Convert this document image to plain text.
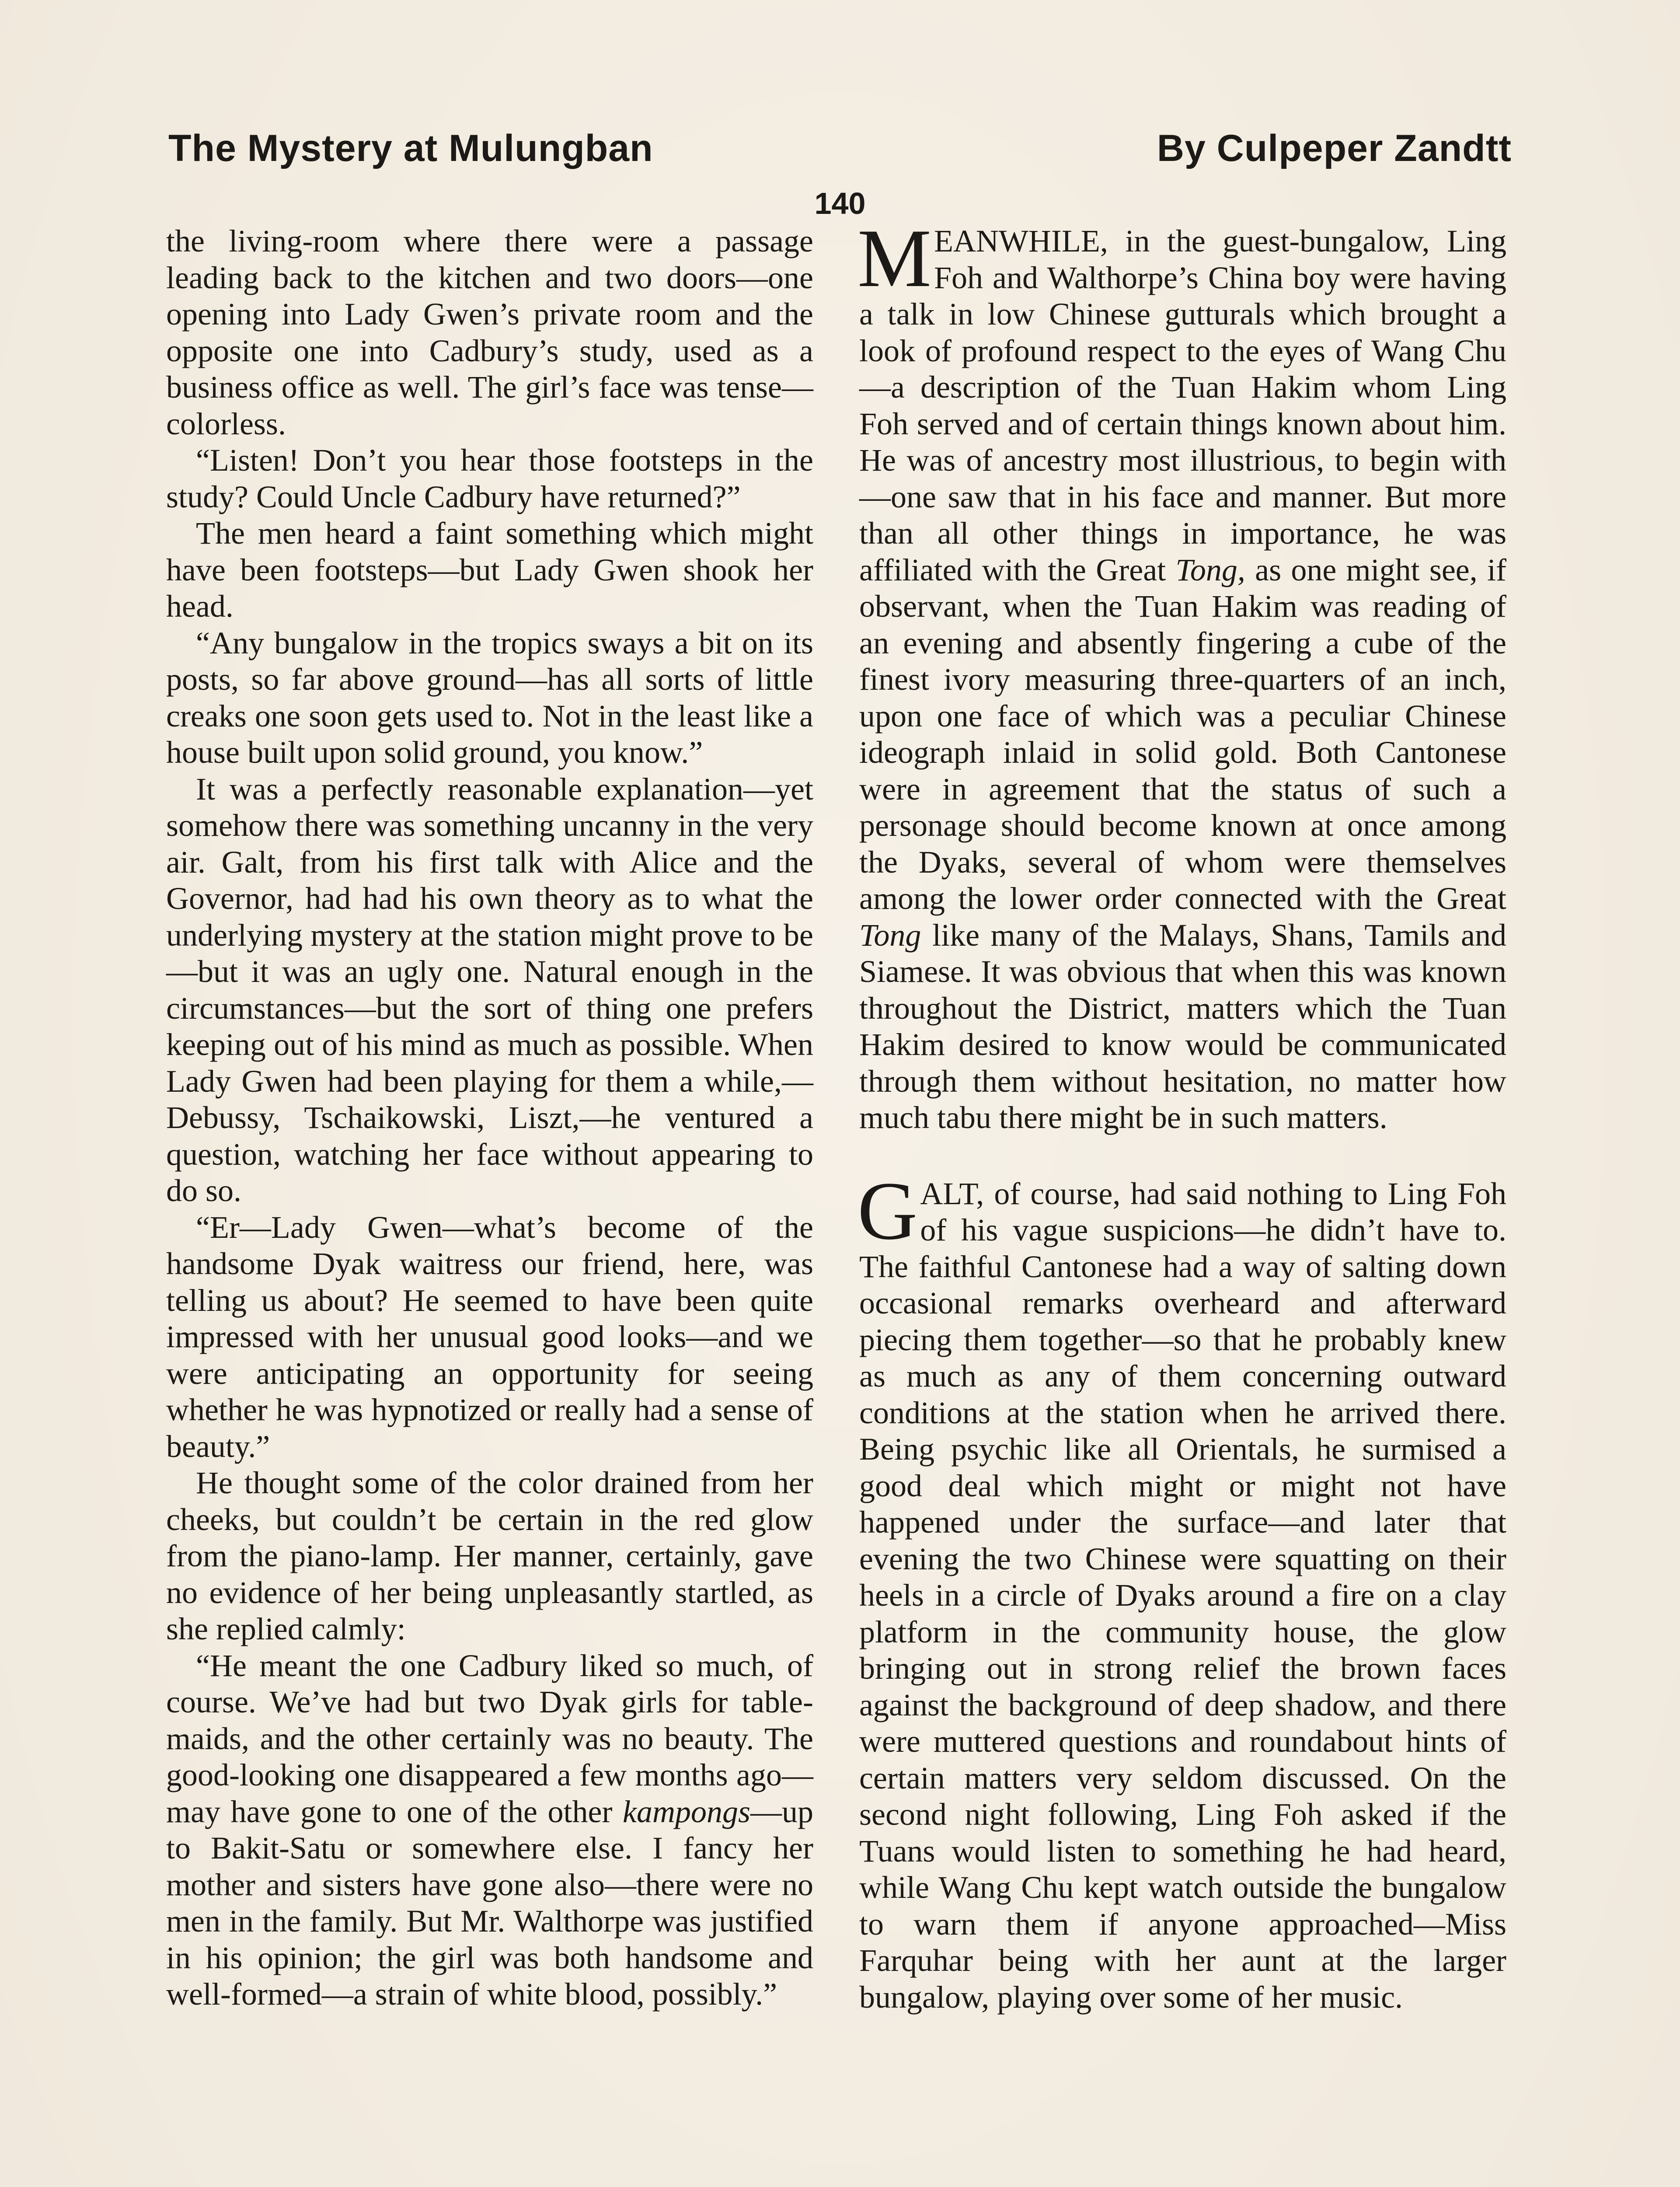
The Mystery at Mulungban	By Culpeper Zandtt
140

the living-room where there were a passage leading back to the kitchen and two doors—one opening into Lady Gwen’s private room and the opposite one into Cadbury’s study, used as a business office as well. The girl’s face was tense—colorless.

“Listen! Don’t you hear those footsteps in the study? Could Uncle Cadbury have returned?”

The men heard a faint something which might have been footsteps—but Lady Gwen shook her head.

“Any bungalow in the tropics sways a bit on its posts, so far above ground—has all sorts of little creaks one soon gets used to. Not in the least like a house built upon solid ground, you know.”

It was a perfectly reasonable explanation—yet somehow there was something uncanny in the very air. Galt, from his first talk with Alice and the Governor, had had his own theory as to what the underlying mystery at the station might prove to be—but it was an ugly one. Natural enough in the circumstances—but the sort of thing one prefers keeping out of his mind as much as possible. When Lady Gwen had been playing for them a while,—Debussy, Tschaikowski, Liszt,—he ventured a question, watching her face without appearing to do so.

“Er—Lady Gwen—what’s become of the handsome Dyak waitress our friend, here, was telling us about? He seemed to have been quite impressed with her unusual good looks—and we were anticipating an opportunity for seeing whether he was hypnotized or really had a sense of beauty.”

He thought some of the color drained from her cheeks, but couldn’t be certain in the red glow from the piano-lamp. Her manner, certainly, gave no evidence of her being unpleasantly startled, as she replied calmly:

“He meant the one Cadbury liked so much, of course. We’ve had but two Dyak girls for table-maids, and the other certainly was no beauty. The good-looking one disappeared a few months ago—may have gone to one of the other kampongs—up to Bakit-Satu or somewhere else. I fancy her mother and sisters have gone also—there were no men in the family. But Mr. Walthorpe was justified in his opinion; the girl was both handsome and well-formed—a strain of white blood, possibly.”

MEANWHILE, in the guest-bungalow, Ling Foh and Walthorpe’s China boy were having a talk in low Chinese gutturals which brought a look of profound respect to the eyes of Wang Chu—a description of the Tuan Hakim whom Ling Foh served and of certain things known about him. He was of ancestry most illustrious, to begin with—one saw that in his face and manner. But more than all other things in importance, he was affiliated with the Great Tong, as one might see, if observant, when the Tuan Hakim was reading of an evening and absently fingering a cube of the finest ivory measuring three-quarters of an inch, upon one face of which was a peculiar Chinese ideograph inlaid in solid gold. Both Cantonese were in agreement that the status of such a personage should become known at once among the Dyaks, several of whom were themselves among the lower order connected with the Great Tong like many of the Malays, Shans, Tamils and Siamese. It was obvious that when this was known throughout the District, matters which the Tuan Hakim desired to know would be communicated through them without hesitation, no matter how much tabu there might be in such matters.

GALT, of course, had said nothing to Ling Foh of his vague suspicions—he didn’t have to. The faithful Cantonese had a way of salting down occasional remarks overheard and afterward piecing them together—so that he probably knew as much as any of them concerning outward conditions at the station when he arrived there. Being psychic like all Orientals, he surmised a good deal which might or might not have happened under the surface—and later that evening the two Chinese were squatting on their heels in a circle of Dyaks around a fire on a clay platform in the community house, the glow bringing out in strong relief the brown faces against the background of deep shadow, and there were muttered questions and roundabout hints of certain matters very seldom discussed. On the second night following, Ling Foh asked if the Tuans would listen to something he had heard, while Wang Chu kept watch outside the bungalow to warn them if anyone approached—Miss Farquhar being with her aunt at the larger bungalow, playing over some of her music.
